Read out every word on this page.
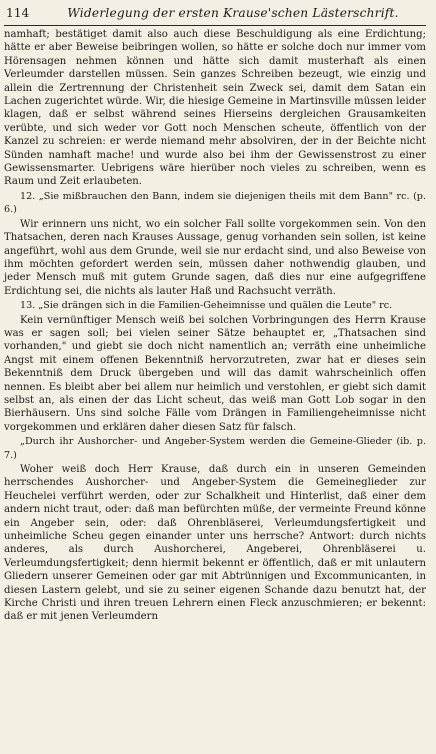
114	Widerlegung der ersten Krause'schen Lästerschrift.

namhaft; bestätiget damit also auch diese Beschuldigung als eine Erdichtung; hätte er aber Beweise beibringen wollen, so hätte er solche doch nur immer vom Hörensagen nehmen können und hätte sich damit musterhaft als einen Verleumder darstellen müssen. Sein ganzes Schreiben bezeugt, wie einzig und allein die Zertrennung der Christenheit sein Zweck sei, damit dem Satan ein Lachen zugerichtet würde. Wir, die hiesige Gemeine in Martinsville müssen leider klagen, daß er selbst während seines Hierseins dergleichen Grausamkeiten verübte, und sich weder vor Gott noch Menschen scheute, öffentlich von der Kanzel zu schreien: er werde niemand mehr absolviren, der in der Beichte nicht Sünden namhaft mache! und wurde also bei ihm der Gewissenstrost zu einer Gewissensmarter. Uebrigens wäre hierüber noch vieles zu schreiben, wenn es Raum und Zeit erlaubeten.

12. „Sie mißbrauchen den Bann, indem sie diejenigen theils mit dem Bann" rc. (p. 6.)

Wir erinnern uns nicht, wo ein solcher Fall sollte vorgekommen sein. Von den Thatsachen, deren nach Krauses Aussage, genug vorhanden sein sollen, ist keine angeführt, wohl aus dem Grunde, weil sie nur erdacht sind, und also Beweise von ihm möchten gefordert werden sein, müssen daher nothwendig glauben, und jeder Mensch muß mit gutem Grunde sagen, daß dies nur eine aufgegriffene Erdichtung sei, die nichts als lauter Haß und Rachsucht verräth.

13. „Sie drängen sich in die Familien-Geheimnisse und quälen die Leute" rc.

Kein vernünftiger Mensch weiß bei solchen Vorbringungen des Herrn Krause was er sagen soll; bei vielen seiner Sätze behauptet er, „Thatsachen sind vorhanden," und giebt sie doch nicht namentlich an; verräth eine unheimliche Angst mit einem offenen Bekenntniß hervorzutreten, zwar hat er dieses sein Bekenntniß dem Druck übergeben und will das damit wahrscheinlich offen nennen. Es bleibt aber bei allem nur heimlich und verstohlen, er giebt sich damit selbst an, als einen der das Licht scheut, das weiß man Gott Lob sogar in den Bierhäusern. Uns sind solche Fälle vom Drängen in Familiengeheimnisse nicht vorgekommen und erklären daher diesen Satz für falsch.

„Durch ihr Aushorcher- und Angeber-System werden die Gemeine-Glieder (ib. p. 7.)

Woher weiß doch Herr Krause, daß durch ein in unseren Gemeinden herrschendes Aushorcher- und Angeber-System die Gemeineglieder zur Heuchelei verführt werden, oder zur Schalkheit und Hinterlist, daß einer dem andern nicht traut, oder: daß man befürchten müße, der vermeinte Freund könne ein Angeber sein, oder: daß Ohrenbläserei, Verleumdungsfertigkeit und unheimliche Scheu gegen einander unter uns herrsche? Antwort: durch nichts anderes, als durch Aushorcherei, Angeberei, Ohrenbläserei u. Verleumdungsfertigkeit; denn hiermit bekennt er öffentlich, daß er mit unlautern Gliedern unserer Gemeinen oder gar mit Abtrünnigen und Excommunicanten, in diesen Lastern gelebt, und sie zu seiner eigenen Schande dazu benutzt hat, der Kirche Christi und ihren treuen Lehrern einen Fleck anzuschmieren; er bekennt: daß er mit jenen Verleumdern
